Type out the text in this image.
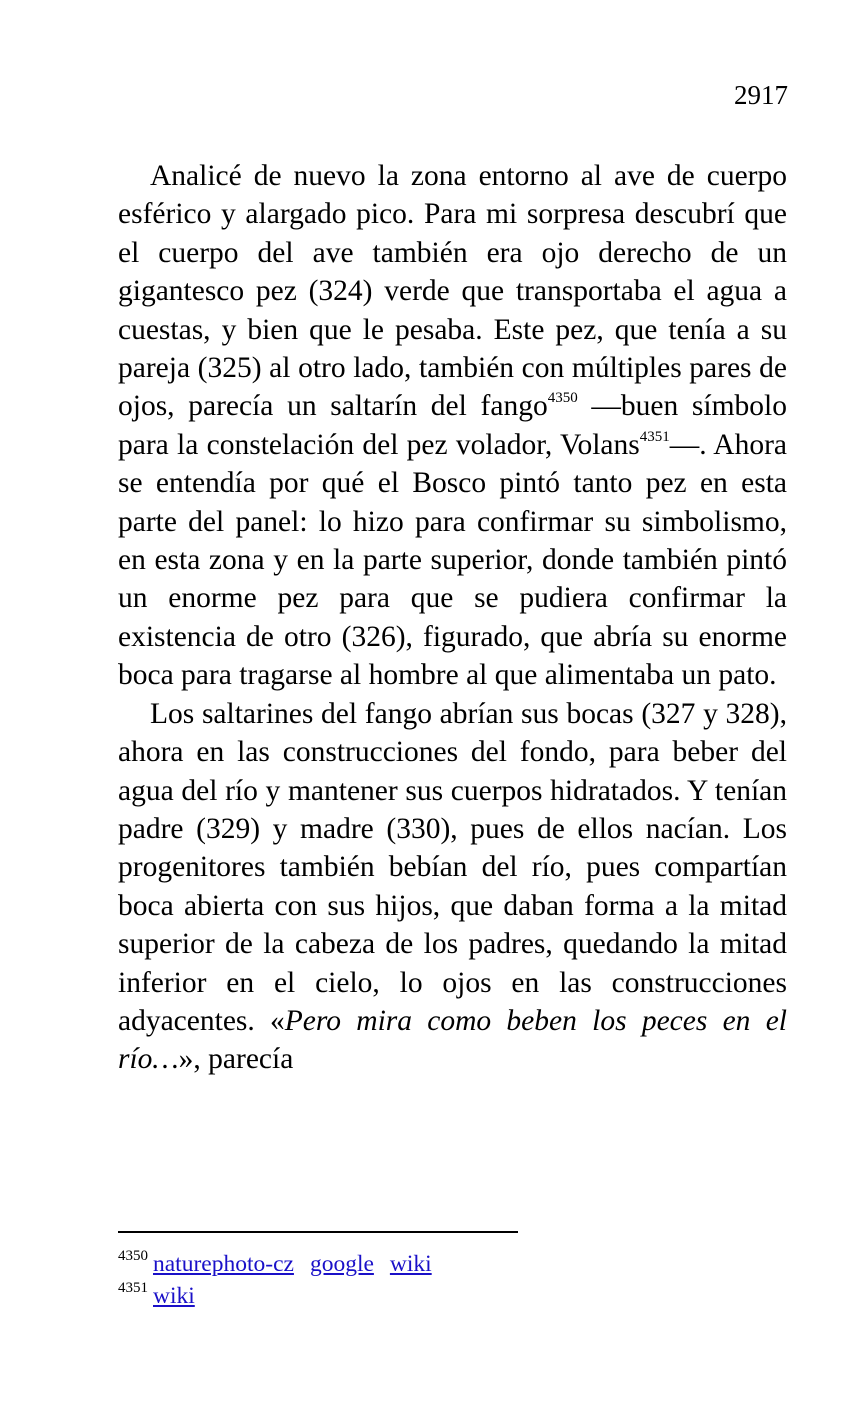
2917

Analicé de nuevo la zona entorno al ave de cuerpo esférico y alargado pico. Para mi sorpresa descubrí que el cuerpo del ave también era ojo derecho de un gigantesco pez (324) verde que transportaba el agua a cuestas, y bien que le pesaba. Este pez, que tenía a su pareja (325) al otro lado, también con múltiples pares de ojos, parecía un saltarín del fango$^{4350}$ —buen símbolo para la constelación del pez volador, Volans$^{4351}$—. Ahora se entendía por qué el Bosco pintó tanto pez en esta parte del panel: lo hizo para confirmar su simbolismo, en esta zona y en la parte superior, donde también pintó un enorme pez para que se pudiera confirmar la existencia de otro (326), figurado, que abría su enorme boca para tragarse al hombre al que alimentaba un pato.

Los saltarines del fango abrían sus bocas (327 y 328), ahora en las construcciones del fondo, para beber del agua del río y mantener sus cuerpos hidratados. Y tenían padre (329) y madre (330), pues de ellos nacían. Los progenitores también bebían del río, pues compartían boca abierta con sus hijos, que daban forma a la mitad superior de la cabeza de los padres, quedando la mitad inferior en el cielo, lo ojos en las construcciones adyacentes. «Pero mira como beben los peces en el río…», parecía

$^{4350}$ naturephoto-cz google wiki
$^{4351}$ wiki
